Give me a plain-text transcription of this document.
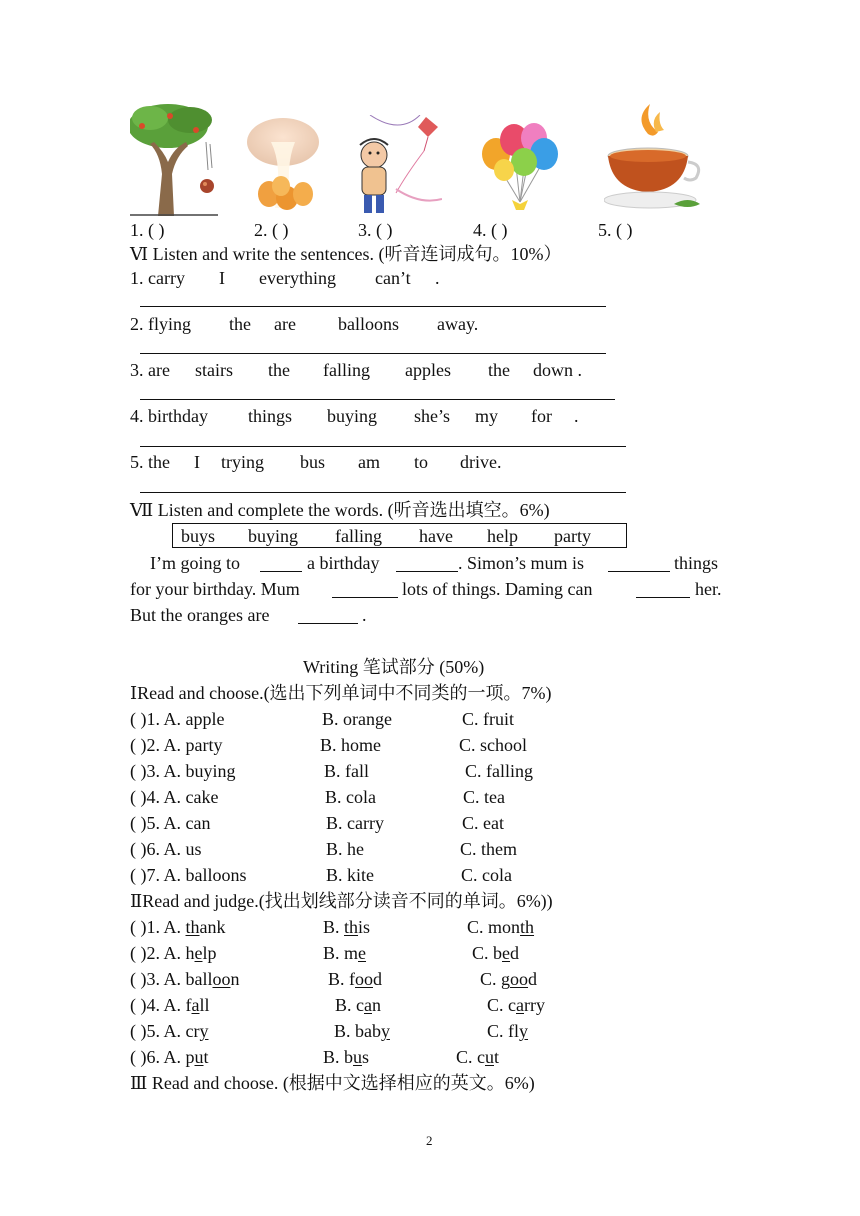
1. ( )	2. ( )	3. ( )	4. ( )	5. ( )
Ⅵ Listen and write the sentences. (听音连词成句。10%）
1. carry I everything can’t .
2. flying the are balloons away.
3. are stairs the falling apples the down .
4. birthday things buying she’s my for .
5. the I trying bus am to drive.
Ⅶ Listen and complete the words. (听音选出填空。6%)
buys buying falling have help party
I’m going to	a birthday	. Simon’s mum is	things
for your birthday. Mum	lots of things. Daming can	her.
But the oranges are	.
Writing 笔试部分 (50%)
ⅠRead and choose.(选出下列单词中不同类的一项。7%)
( )1. A. apple	B. orange	C. fruit
( )2. A. party	B. home	C. school
( )3. A. buying	B. fall	C. falling
( )4. A. cake	B. cola	C. tea
( )5. A. can	B. carry	C. eat
( )6. A. us	B. he	C. them
( )7. A. balloons	B. kite	C. cola
ⅡRead and judge.(找出划线部分读音不同的单词。6%))
( )1. A. thank	B. this	C. month
( )2. A. help	B. me	C. bed
( )3. A. balloon	B. food	C. good
( )4. A. fall	B. can	C. carry
( )5. A. cry	B. baby	C. fly
( )6. A. put	B. bus	C. cut
Ⅲ Read and choose. (根据中文选择相应的英文。6%)
2
